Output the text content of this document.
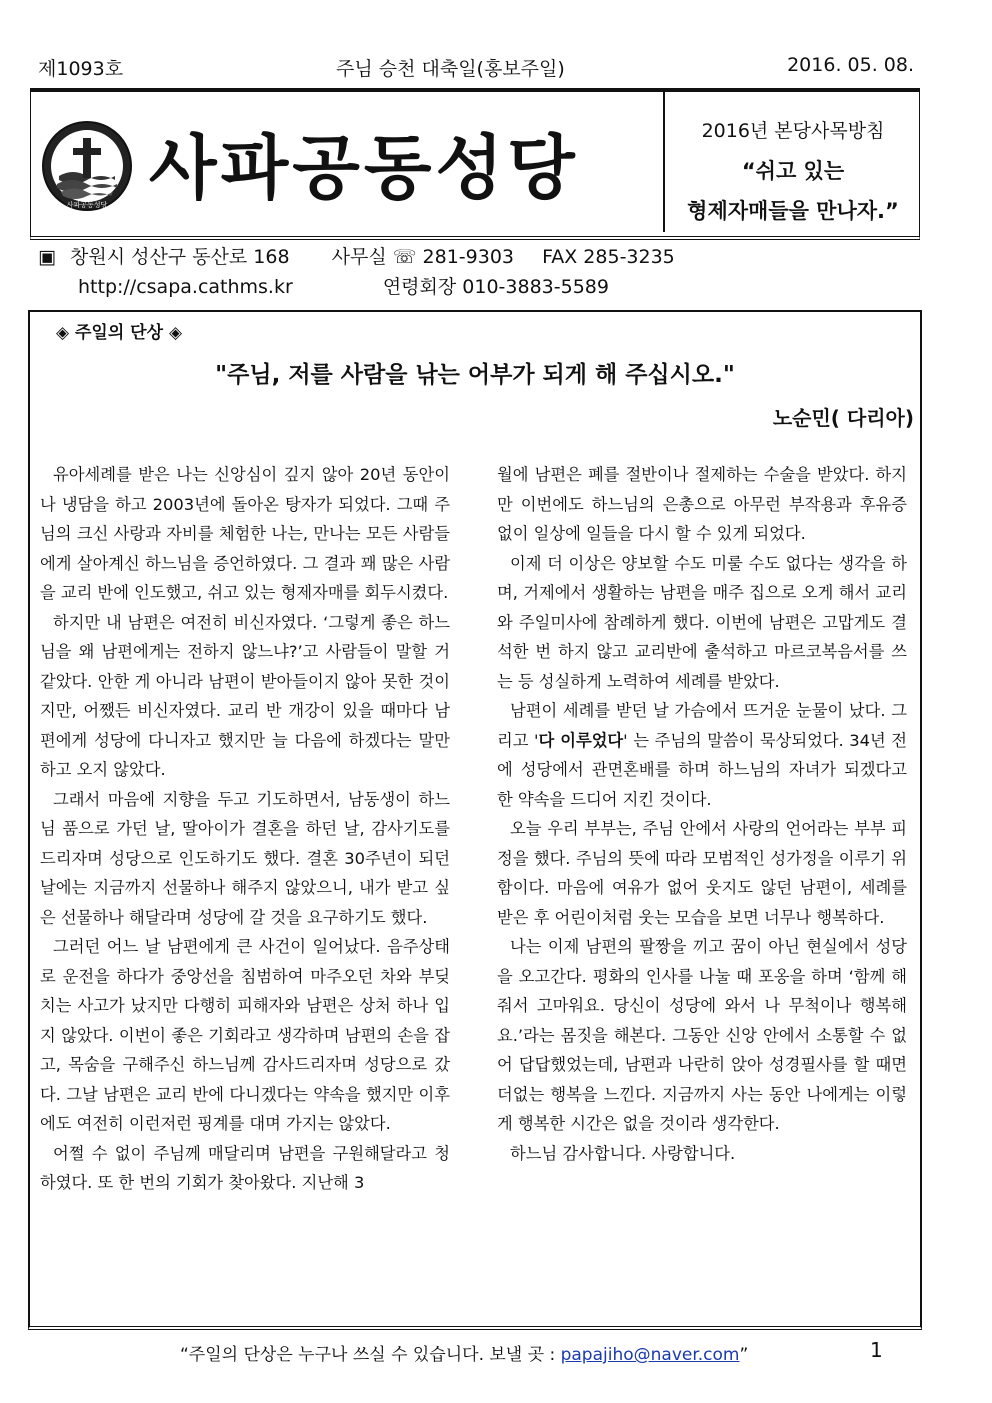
제1093호	주님 승천 대축일(홍보주일)	2016. 05. 08.
사파공동성당 사파공동성당	2016년 본당사목방침
“쉬고 있는
형제자매들을 만나자.”
▣ 창원시 성산구 동산로 168 사무실 ☏ 281-9303 FAX 285-3235
http://csapa.cathms.kr	연령회장 010-3883-5589
◈ 주일의 단상 ◈
"주님, 저를 사람을 낚는 어부가 되게 해 주십시오."
노순민( 다리아)

유아세례를 받은 나는 신앙심이 깊지 않아 20년 동안이나 냉담을 하고 2003년에 돌아온 탕자가 되었다. 그때 주님의 크신 사랑과 자비를 체험한 나는, 만나는 모든 사람들에게 살아계신 하느님을 증언하였다. 그 결과 꽤 많은 사람을 교리 반에 인도했고, 쉬고 있는 형제자매를 회두시켰다.

하지만 내 남편은 여전히 비신자였다. ‘그렇게 좋은 하느님을 왜 남편에게는 전하지 않느냐?’고 사람들이 말할 거 같았다. 안한 게 아니라 남편이 받아들이지 않아 못한 것이지만, 어쨌든 비신자였다. 교리 반 개강이 있을 때마다 남편에게 성당에 다니자고 했지만 늘 다음에 하겠다는 말만하고 오지 않았다.

그래서 마음에 지향을 두고 기도하면서, 남동생이 하느님 품으로 가던 날, 딸아이가 결혼을 하던 날, 감사기도를 드리자며 성당으로 인도하기도 했다. 결혼 30주년이 되던 날에는 지금까지 선물하나 해주지 않았으니, 내가 받고 싶은 선물하나 해달라며 성당에 갈 것을 요구하기도 했다.

그러던 어느 날 남편에게 큰 사건이 일어났다. 음주상태로 운전을 하다가 중앙선을 침범하여 마주오던 차와 부딪치는 사고가 났지만 다행히 피해자와 남편은 상처 하나 입지 않았다. 이번이 좋은 기회라고 생각하며 남편의 손을 잡고, 목숨을 구해주신 하느님께 감사드리자며 성당으로 갔다. 그날 남편은 교리 반에 다니겠다는 약속을 했지만 이후에도 여전히 이런저런 핑계를 대며 가지는 않았다.

어쩔 수 없이 주님께 매달리며 남편을 구원해달라고 청하였다. 또 한 번의 기회가 찾아왔다. 지난해 3

월에 남편은 폐를 절반이나 절제하는 수술을 받았다. 하지만 이번에도 하느님의 은총으로 아무런 부작용과 후유증 없이 일상에 일들을 다시 할 수 있게 되었다.

이제 더 이상은 양보할 수도 미룰 수도 없다는 생각을 하며, 거제에서 생활하는 남편을 매주 집으로 오게 해서 교리와 주일미사에 참례하게 했다. 이번에 남편은 고맙게도 결석한 번 하지 않고 교리반에 출석하고 마르코복음서를 쓰는 등 성실하게 노력하여 세례를 받았다.

남편이 세례를 받던 날 가슴에서 뜨거운 눈물이 났다. 그리고 '다 이루었다' 는 주님의 말씀이 묵상되었다. 34년 전에 성당에서 관면혼배를 하며 하느님의 자녀가 되겠다고 한 약속을 드디어 지킨 것이다.

오늘 우리 부부는, 주님 안에서 사랑의 언어라는 부부 피정을 했다. 주님의 뜻에 따라 모범적인 성가정을 이루기 위함이다. 마음에 여유가 없어 웃지도 않던 남편이, 세례를 받은 후 어린이처럼 웃는 모습을 보면 너무나 행복하다.

나는 이제 남편의 팔짱을 끼고 꿈이 아닌 현실에서 성당을 오고간다. 평화의 인사를 나눌 때 포옹을 하며 ‘함께 해줘서 고마워요. 당신이 성당에 와서 나 무척이나 행복해요.’라는 몸짓을 해본다. 그동안 신앙 안에서 소통할 수 없어 답답했었는데, 남편과 나란히 앉아 성경필사를 할 때면 더없는 행복을 느낀다. 지금까지 사는 동안 나에게는 이렇게 행복한 시간은 없을 것이라 생각한다.

하느님 감사합니다. 사랑합니다.

“주일의 단상은 누구나 쓰실 수 있습니다. 보낼 곳 : papajiho@naver.com”	1
